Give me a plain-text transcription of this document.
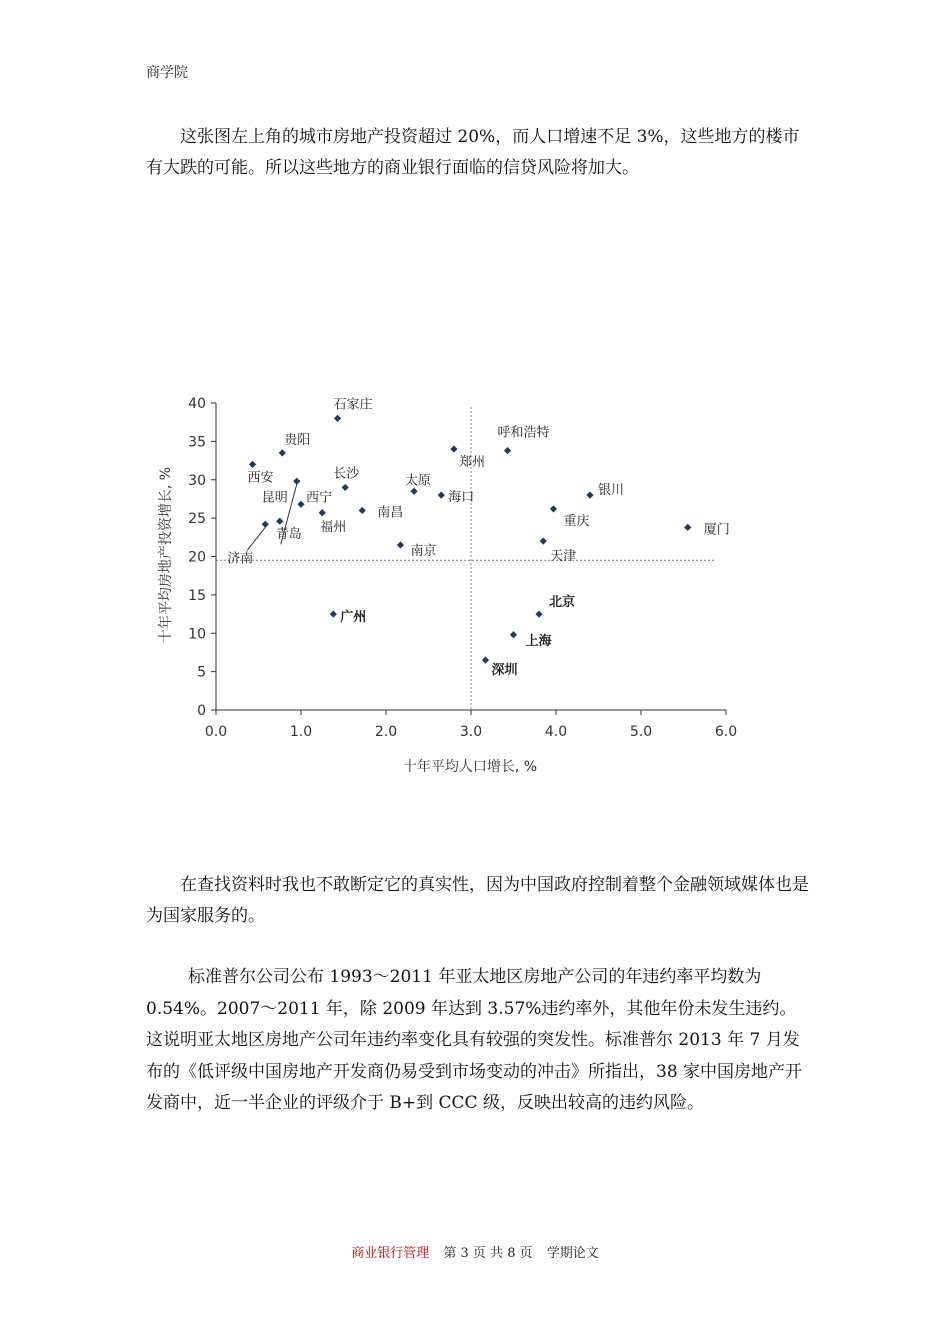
商学院

这张图左上角的城市房地产投资超过 20%，而人口增速不足 3%，这些地方的楼市有大跌的可能。所以这些地方的商业银行面临的信贷风险将加大。

0.0	1.0	2.0	3.0	4.0	5.0	6.0
0
5
10
15
20
25
30
35
40	石家庄
贵阳
西安	长沙
西宁
福州
南昌
昆明
青岛
济南
太原
海口
郑州
呼和浩特
南京
银川
重庆
厦门
天津
广州
北京
上海
深圳
十年平均人口增长, %
十年平均房地产投资增长, %

在查找资料时我也不敢断定它的真实性，因为中国政府控制着整个金融领域媒体也是为国家服务的。

标准普尔公司公布 1993～2011 年亚太地区房地产公司的年违约率平均数为 0.54%。2007～2011 年，除 2009 年达到 3.57%违约率外，其他年份未发生违约。这说明亚太地区房地产公司年违约率变化具有较强的突发性。标准普尔 2013 年 7 月发布的《低评级中国房地产开发商仍易受到市场变动的冲击》所指出，38 家中国房地产开发商中，近一半企业的评级介于 B+到 CCC 级，反映出较高的违约风险。

商业银行管理 第 3 页 共 8 页 学期论文
